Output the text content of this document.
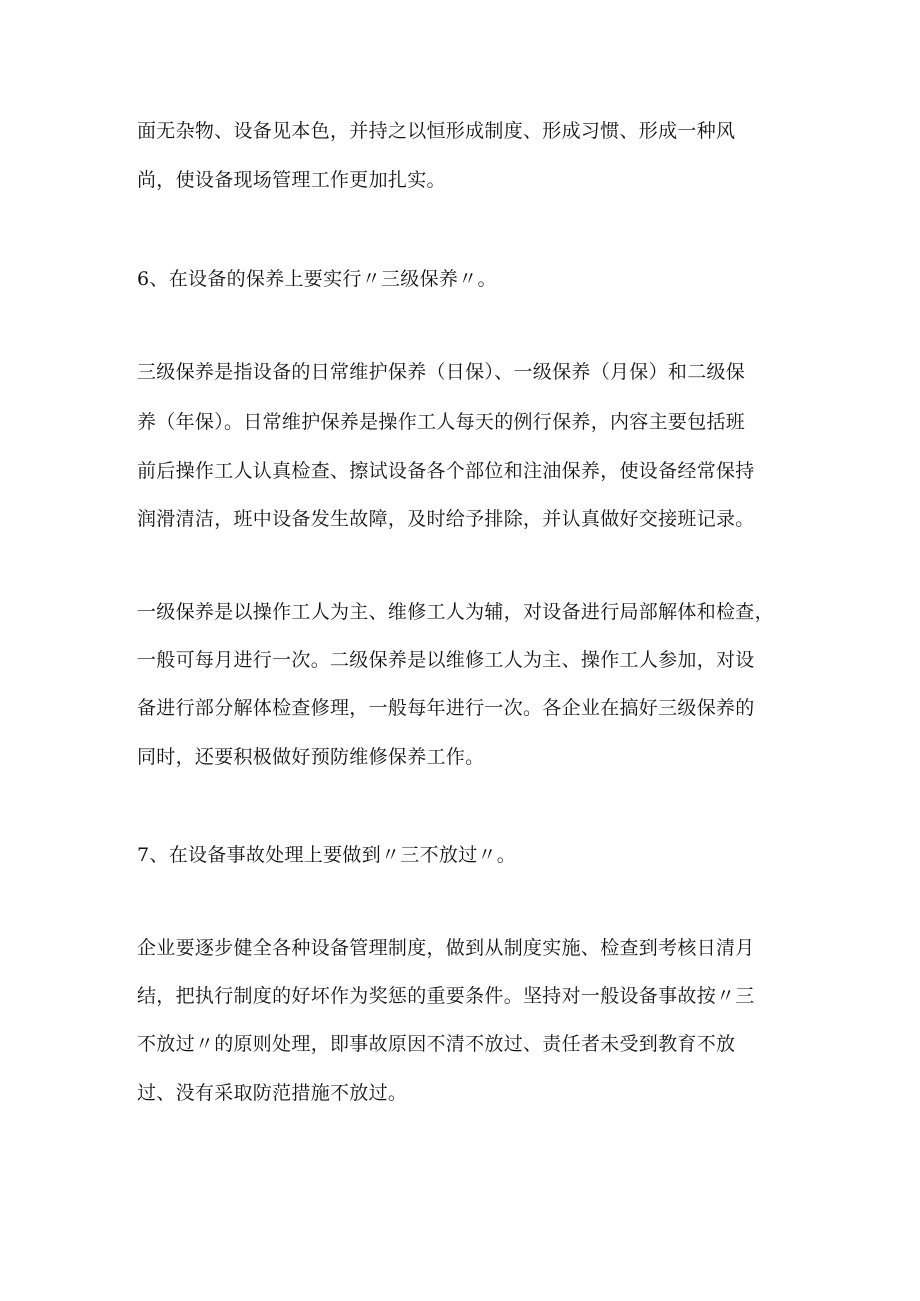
面无杂物、设备见本色，并持之以恒形成制度、形成习惯、形成一种风
尚，使设备现场管理工作更加扎实。
6、在设备的保养上要实行〃三级保养〃。
三级保养是指设备的日常维护保养（日保）、一级保养（月保）和二级保
养（年保）。日常维护保养是操作工人每天的例行保养，内容主要包括班
前后操作工人认真检查、擦试设备各个部位和注油保养，使设备经常保持
润滑清洁，班中设备发生故障，及时给予排除，并认真做好交接班记录。
一级保养是以操作工人为主、维修工人为辅，对设备进行局部解体和检查，
一般可每月进行一次。二级保养是以维修工人为主、操作工人参加，对设
备进行部分解体检查修理，一般每年进行一次。各企业在搞好三级保养的
同时，还要积极做好预防维修保养工作。
7、在设备事故处理上要做到〃三不放过〃。
企业要逐步健全各种设备管理制度，做到从制度实施、检查到考核日清月
结，把执行制度的好坏作为奖惩的重要条件。坚持对一般设备事故按〃三
不放过〃的原则处理，即事故原因不清不放过、责任者未受到教育不放
过、没有采取防范措施不放过。
